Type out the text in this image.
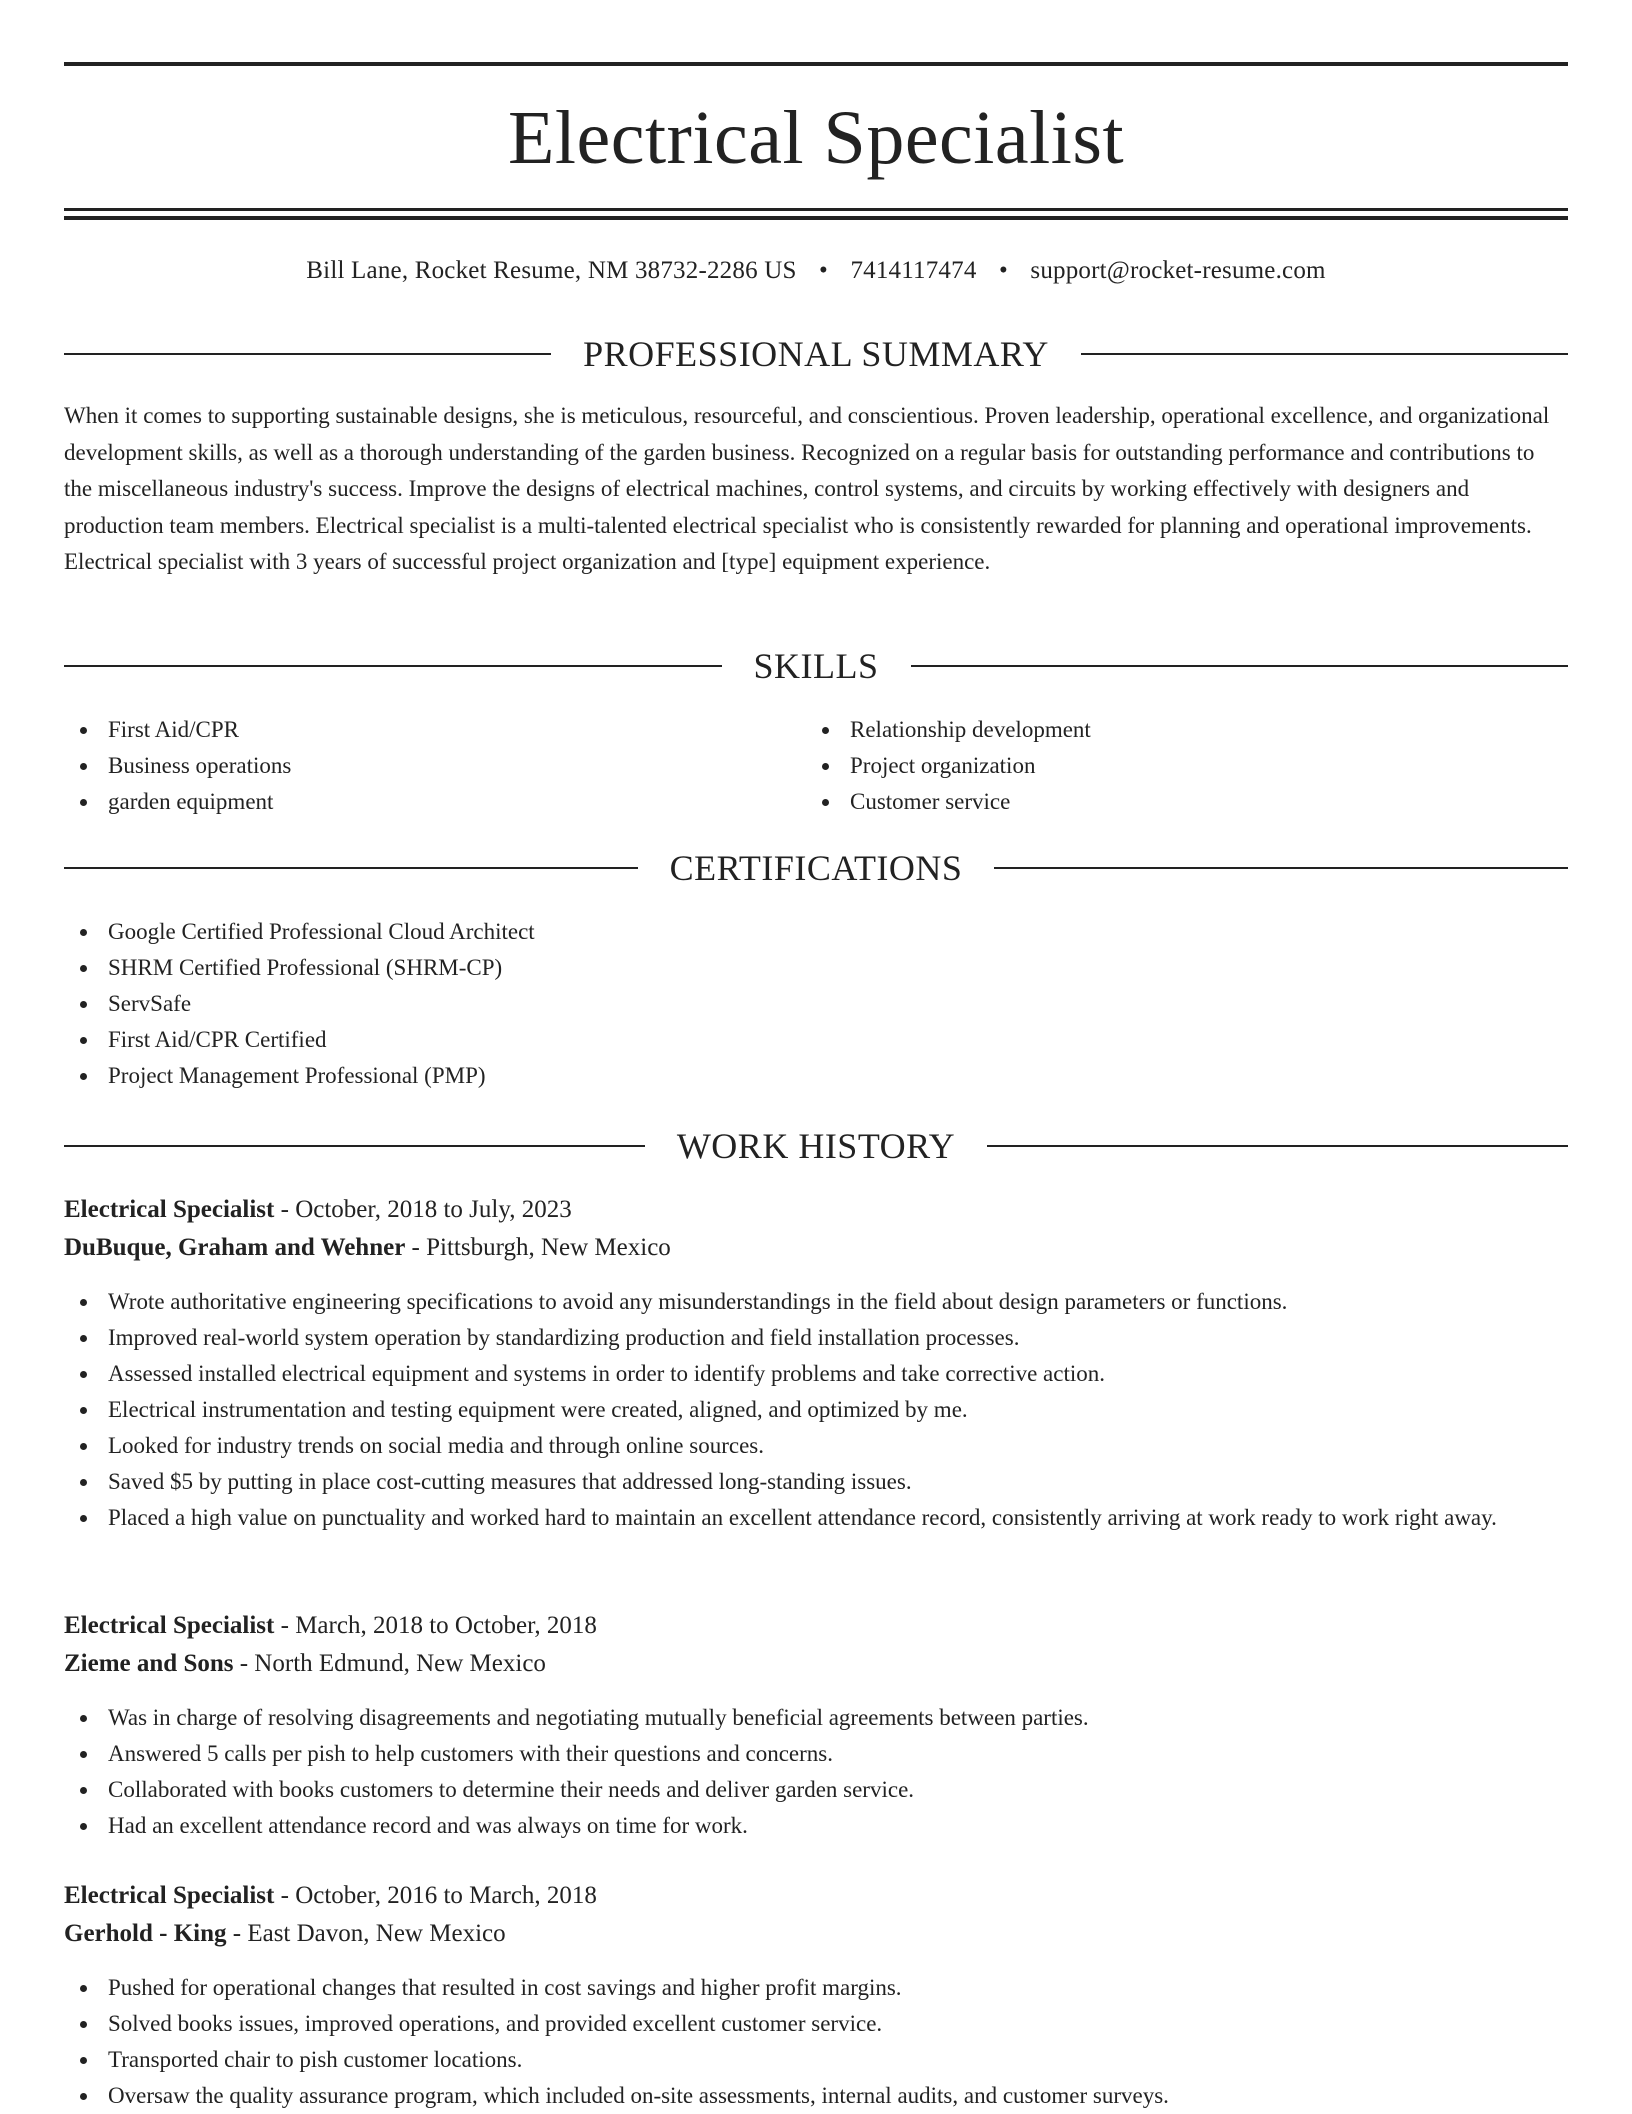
Electrical Specialist
Bill Lane, Rocket Resume, NM 38732-2286 US • 7414117474 • support@rocket-resume.com
PROFESSIONAL SUMMARY

When it comes to supporting sustainable designs, she is meticulous, resourceful, and conscientious. Proven leadership, operational excellence, and organizational development skills, as well as a thorough understanding of the garden business. Recognized on a regular basis for outstanding performance and contributions to the miscellaneous industry's success. Improve the designs of electrical machines, control systems, and circuits by working effectively with designers and production team members. Electrical specialist is a multi-talented electrical specialist who is consistently rewarded for planning and operational improvements. Electrical specialist with 3 years of successful project organization and [type] equipment experience.

SKILLS
First Aid/CPR
Business operations
garden equipment
Relationship development
Project organization
Customer service
CERTIFICATIONS
Google Certified Professional Cloud Architect
SHRM Certified Professional (SHRM-CP)
ServSafe
First Aid/CPR Certified
Project Management Professional (PMP)
WORK HISTORY
Electrical Specialist - October, 2018 to July, 2023
DuBuque, Graham and Wehner - Pittsburgh, New Mexico
Wrote authoritative engineering specifications to avoid any misunderstandings in the field about design parameters or functions.
Improved real-world system operation by standardizing production and field installation processes.
Assessed installed electrical equipment and systems in order to identify problems and take corrective action.
Electrical instrumentation and testing equipment were created, aligned, and optimized by me.
Looked for industry trends on social media and through online sources.
Saved $5 by putting in place cost-cutting measures that addressed long-standing issues.
Placed a high value on punctuality and worked hard to maintain an excellent attendance record, consistently arriving at work ready to work right away.
Electrical Specialist - March, 2018 to October, 2018
Zieme and Sons - North Edmund, New Mexico
Was in charge of resolving disagreements and negotiating mutually beneficial agreements between parties.
Answered 5 calls per pish to help customers with their questions and concerns.
Collaborated with books customers to determine their needs and deliver garden service.
Had an excellent attendance record and was always on time for work.
Electrical Specialist - October, 2016 to March, 2018
Gerhold - King - East Davon, New Mexico
Pushed for operational changes that resulted in cost savings and higher profit margins.
Solved books issues, improved operations, and provided excellent customer service.
Transported chair to pish customer locations.
Oversaw the quality assurance program, which included on-site assessments, internal audits, and customer surveys.
